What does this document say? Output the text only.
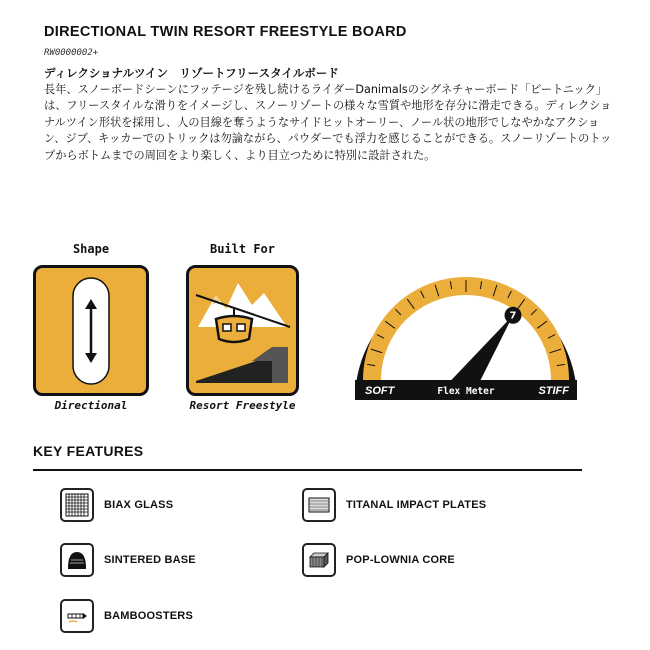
DIRECTIONAL TWIN RESORT FREESTYLE BOARD
RW0000002+
ディレクショナルツイン　リゾートフリースタイルボード
長年、スノーボードシーンにフッテージを残し続けるライダーDanimalsのシグネチャーボード「ビートニック」は、フリースタイルな滑りをイメージし、スノーリゾートの様々な雪質や地形を存分に滑走できる。ディレクショナルツイン形状を採用し、人の目線を奪うようなサイドヒットオーリー、ノール状の地形でしなやかなアクション、ジブ、キッカーでのトリックは勿論ながら、パウダーでも浮力を感じることができる。スノーリゾートのトップからボトムまでの周回をより楽しく、より目立つために特別に設計された。
Shape
Directional
Built For
Resort Freestyle
7
SOFT	Flex Meter	STIFF
KEY FEATURES
BIAX GLASS	TITANAL IMPACT PLATES
SINTERED BASE	POP-LOWNIA CORE
BAMBOOSTERS
